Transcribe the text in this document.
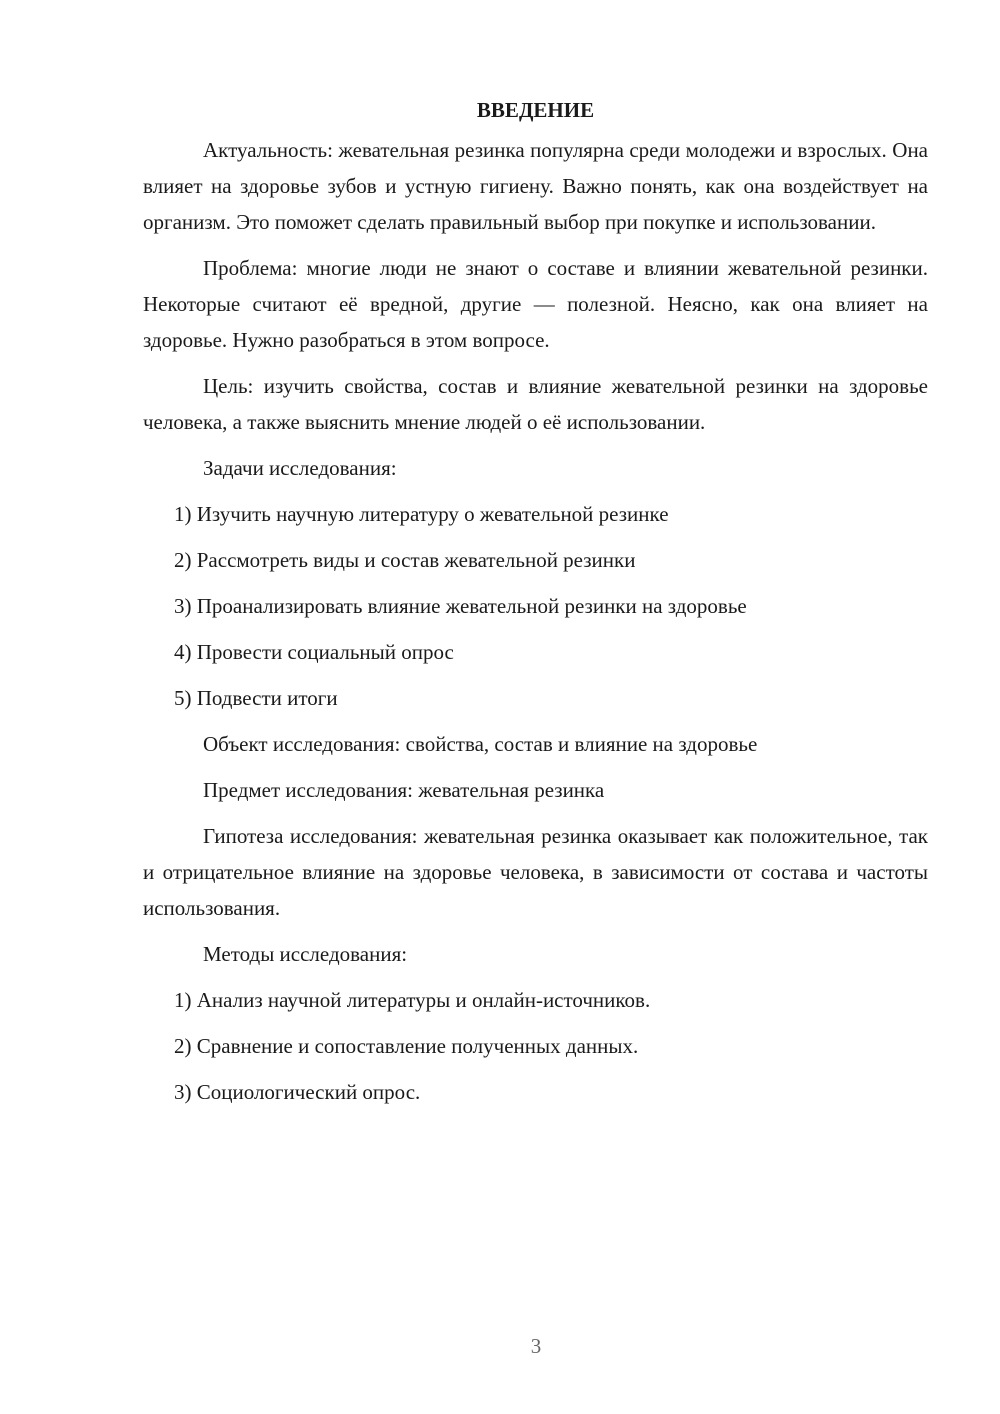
ВВЕДЕНИЕ

Актуальность: жевательная резинка популярна среди молодежи и взрослых. Она влияет на здоровье зубов и устную гигиену. Важно понять, как она воздействует на организм. Это поможет сделать правильный выбор при покупке и использовании.

Проблема: многие люди не знают о составе и влиянии жевательной резинки. Некоторые считают её вредной, другие — полезной. Неясно, как она влияет на здоровье. Нужно разобраться в этом вопросе.

Цель: изучить свойства, состав и влияние жевательной резинки на здоровье человека, а также выяснить мнение людей о её использовании.

Задачи исследования:
1) Изучить научную литературу о жевательной резинке
2) Рассмотреть виды и состав жевательной резинки
3) Проанализировать влияние жевательной резинки на здоровье
4) Провести социальный опрос
5) Подвести итоги
Объект исследования: свойства, состав и влияние на здоровье
Предмет исследования: жевательная резинка

Гипотеза исследования: жевательная резинка оказывает как положительное, так и отрицательное влияние на здоровье человека, в зависимости от состава и частоты использования.

Методы исследования:
1) Анализ научной литературы и онлайн-источников.
2) Сравнение и сопоставление полученных данных.
3) Социологический опрос.
3
